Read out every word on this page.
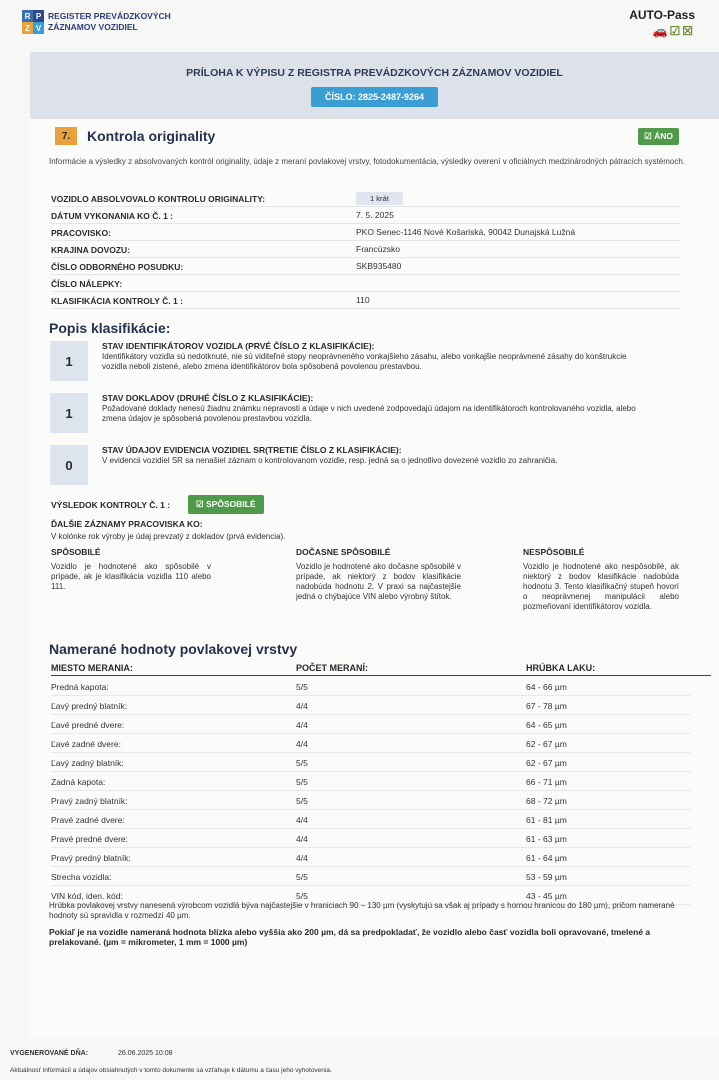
R P
Z V
REGISTER PREVÁDZKOVÝCH
ZÁZNAMOV VOZIDIEL
AUTO-Pass
🚗☑☒
PRÍLOHA K VÝPISU Z REGISTRA PREVÁDZKOVÝCH ZÁZNAMOV VOZIDIEL
ČÍSLO: 2825-2487-9264
7.	Kontrola originality	☑ ÁNO
Informácie a výsledky z absolvovaných kontról originality, údaje z meraní povlakovej vrstvy, fotodokumentácia, výsledky overení v oficiálnych medzinárodných pátracích systémoch.
VOZIDLO ABSOLVOVALO KONTROLU ORIGINALITY:	1 krát
DÁTUM VYKONANIA KO Č. 1 :	7. 5. 2025
PRACOVISKO:	PKO Senec-1146 Nové Košariská, 90042 Dunajská Lužná
KRAJINA DOVOZU:	Francúzsko
ČÍSLO ODBORNÉHO POSUDKU:	SKB935480
ČÍSLO NÁLEPKY:
KLASIFIKÁCIA KONTROLY Č. 1 :	110
Popis klasifikácie:
1
STAV IDENTIFIKÁTOROV VOZIDLA (PRVÉ ČÍSLO Z KLASIFIKÁCIE):
Identifikátory vozidla sú nedotknuté, nie sú viditeľné stopy neoprávneného vonkajšieho zásahu, alebo vonkajšie neoprávnené zásahy do konštrukcie vozidla neboli zistené, alebo zmena identifikátorov bola spôsobená povolenou prestavbou.
1
STAV DOKLADOV (DRUHÉ ČÍSLO Z KLASIFIKÁCIE):
Požadované doklady nenesú žiadnu známku nepravosti a údaje v nich uvedené zodpovedajú údajom na identifikátoroch kontrolovaného vozidla, alebo zmena údajov je spôsobená povolenou prestavbou vozidla.
0
STAV ÚDAJOV EVIDENCIA VOZIDIEL SR(TRETIE ČÍSLO Z KLASIFIKÁCIE):
V evidencii vozidiel SR sa nenašiel záznam o kontrolovanom vozidle, resp. jedná sa o jednotlivo dovezené vozidlo zo zahraničia.
VÝSLEDOK KONTROLY Č. 1 :	☑ SPÔSOBILÉ
ĎALŠIE ZÁZNAMY PRACOVISKA KO:
V kolónke rok výroby je údaj prevzatý z dokladov (prvá evidencia).
SPÔSOBILÉ
Vozidlo je hodnotené ako spôsobilé v prípade, ak je klasifikácia vozidla 110 alebo 111.
DOČASNE SPÔSOBILÉ
Vozidlo je hodnotené ako dočasne spôsobilé v prípade, ak niektorý z bodov klasifikácie nadobúda hodnotu 2. V praxi sa najčastejšie jedná o chýbajúce VIN alebo výrobný štítok.
NESPÔSOBILÉ
Vozidlo je hodnotené ako nespôsobilé, ak niektorý z bodov klasifikácie nadobúda hodnotu 3. Tento klasifikačný stupeň hovorí o neoprávnenej manipulácii alebo pozmeňovaní identifikátorov vozidla.
Namerané hodnoty povlakovej vrstvy
MIESTO MERANIA:	POČET MERANÍ:	HRÚBKA LAKU:
Predná kapota:	5/5	64 - 66 µm
Ľavý predný blatník:	4/4	67 - 78 µm
Ľavé predné dvere:	4/4	64 - 65 µm
Ľavé zadné dvere:	4/4	62 - 67 µm
Ľavý zadný blatník:	5/5	62 - 67 µm
Zadná kapota:	5/5	66 - 71 µm
Pravý zadný blatník:	5/5	68 - 72 µm
Pravé zadné dvere:	4/4	61 - 81 µm
Pravé predné dvere:	4/4	61 - 63 µm
Pravý predný blatník:	4/4	61 - 64 µm
Strecha vozidla:	5/5	53 - 59 µm
VIN kód, iden. kód:	5/5	43 - 45 µm
Hrúbka povlakovej vrstvy nanesená výrobcom vozidlá býva najčastejšie v hraniciach 90 – 130 µm (vyskytujú sa však aj prípady s hornou hranicou do 180 µm), pričom namerané hodnoty sú spravidla v rozmedzí 40 µm.
Pokiaľ je na vozidle nameraná hodnota blízka alebo vyššia ako 200 µm, dá sa predpokladať, že vozidlo alebo časť vozidla boli opravované, tmelené a prelakované. (µm = mikrometer, 1 mm = 1000 µm)
VYGENEROVANÉ DŇA:	26.06.2025 10:08
Aktuálnosť informácií a údajov obsiahnutých v tomto dokumente sa vzťahuje k dátumu a času jeho vyhotovenia.
